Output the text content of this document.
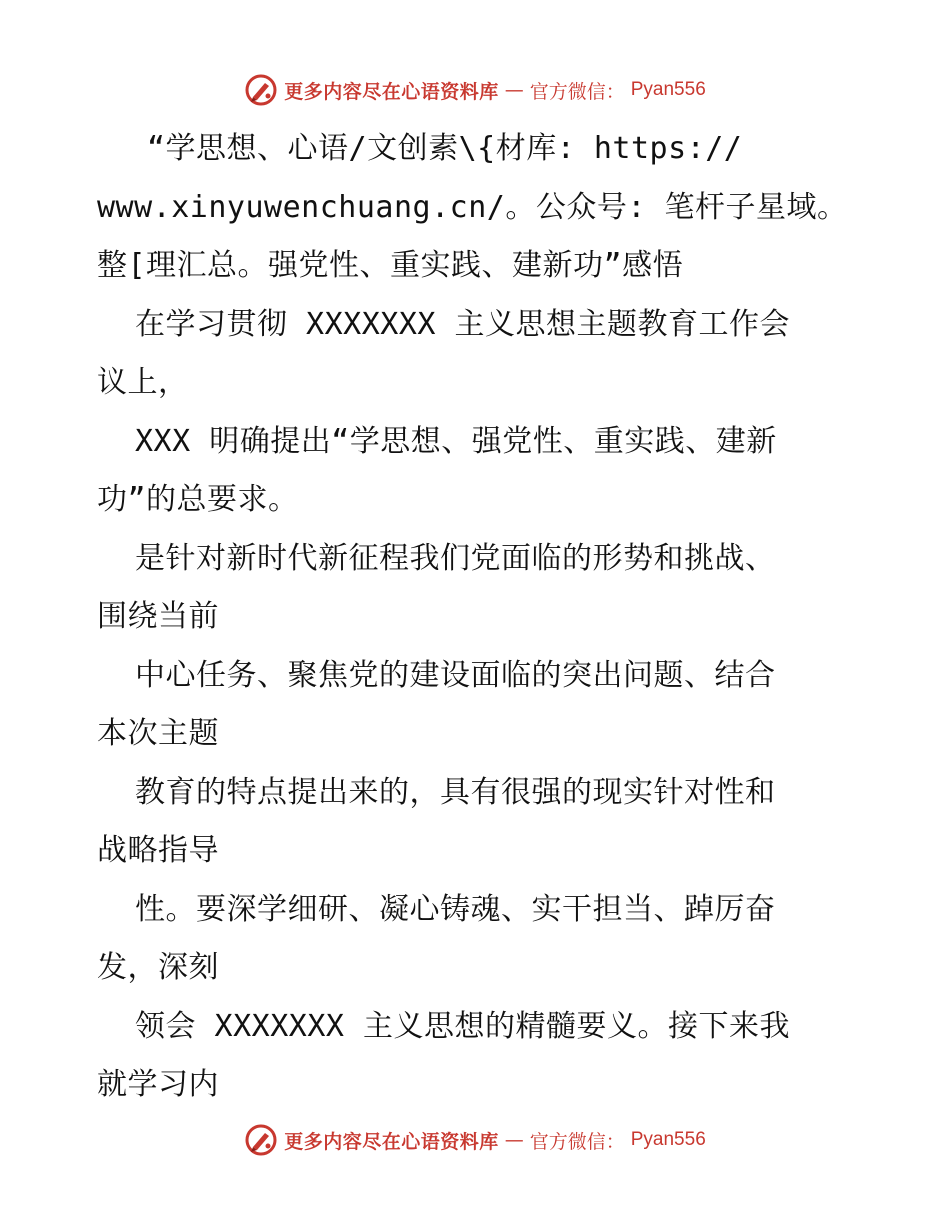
更多内容尽在心语资料库 — 官方微信： Pyan556
“学思想、心语/文创素\{材库: https://
www.xinyuwenchuang.cn/。公众号: 笔杆子星域。
整[理汇总。强党性、重实践、建新功”感悟
在学习贯彻 XXXXXXX 主义思想主题教育工作会
议上，
XXX 明确提出“学思想、强党性、重实践、建新
功”的总要求。
是针对新时代新征程我们党面临的形势和挑战、
围绕当前
中心任务、聚焦党的建设面临的突出问题、结合
本次主题
教育的特点提出来的，具有很强的现实针对性和
战略指导
性。要深学细研、凝心铸魂、实干担当、踔厉奋
发，深刻
领会 XXXXXXX 主义思想的精髓要义。接下来我
就学习内
更多内容尽在心语资料库 — 官方微信： Pyan556
